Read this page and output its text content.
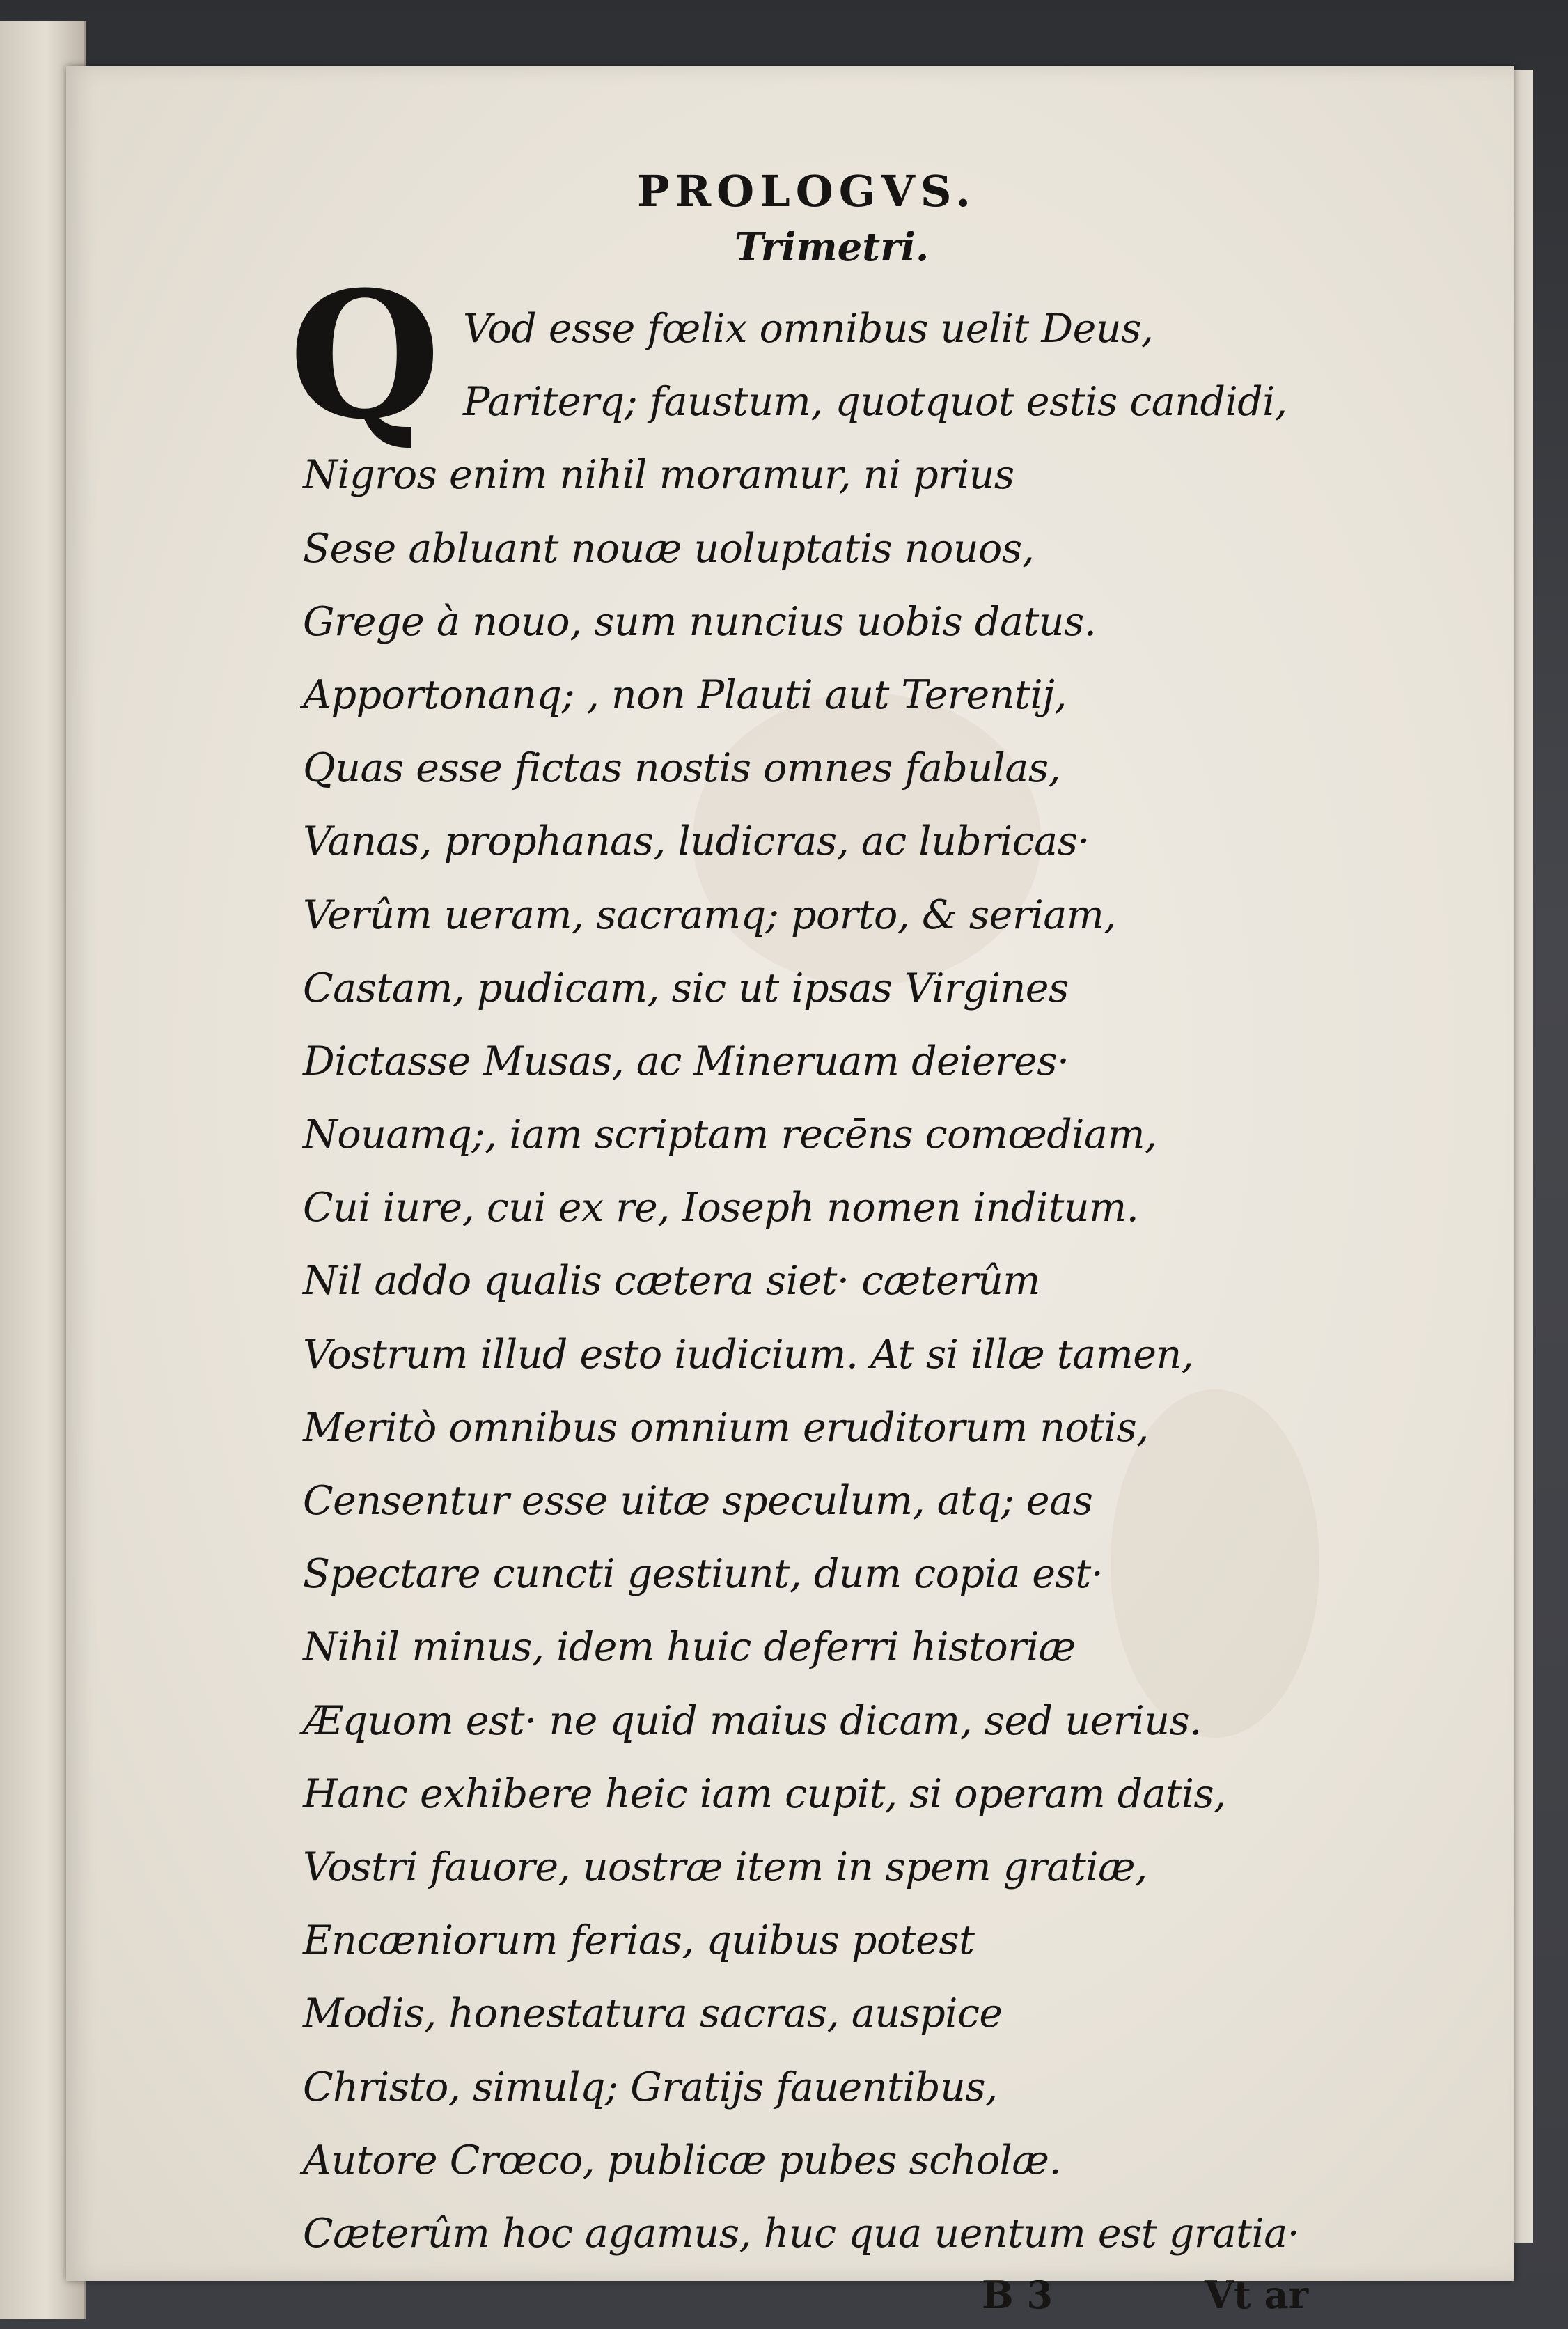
PROLOGVS.
Trimetri.
Q Vod esse fœlix omnibus uelit Deus,
Pariterq; faustum, quotquot estis candidi,
Nigros enim nihil moramur, ni prius
Sese abluant nouæ uoluptatis nouos,
Grege à nouo, sum nuncius uobis datus.
Apportonanq; , non Plauti aut Terentij,
Quas esse fictas nostis omnes fabulas,
Vanas, prophanas, ludicras, ac lubricas·
Verûm ueram, sacramq; porto, & seriam,
Castam, pudicam, sic ut ipsas Virgines
Dictasse Musas, ac Mineruam deieres·
Nouamq;, iam scriptam recēns comœdiam,
Cui iure, cui ex re, Ioseph nomen inditum.
Nil addo qualis cætera siet· cæterûm
Vostrum illud esto iudicium. At si illæ tamen,
Meritò omnibus omnium eruditorum notis,
Censentur esse uitæ speculum, atq; eas
Spectare cuncti gestiunt, dum copia est·
Nihil minus, idem huic deferri historiæ
Æquom est· ne quid maius dicam, sed uerius.
Hanc exhibere heic iam cupit, si operam datis,
Vostri fauore, uostræ item in spem gratiæ,
Encæniorum ferias, quibus potest
Modis, honestatura sacras, auspice
Christo, simulq; Gratijs fauentibus,
Autore Crœco, publicæ pubes scholæ.
Cæterûm hoc agamus, huc qua uentum est gratia·
B 3	Vt ar
